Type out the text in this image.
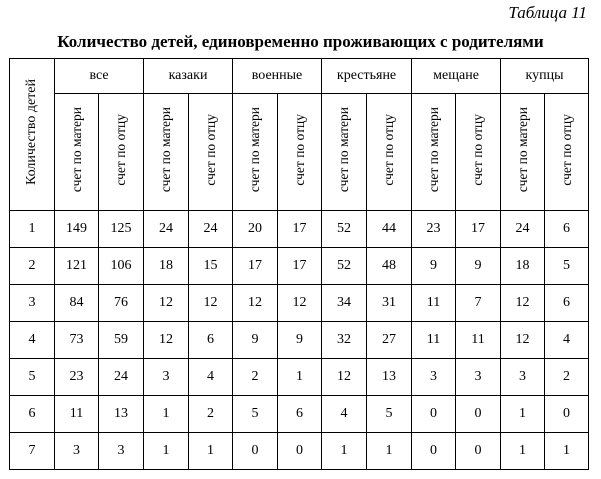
Таблица 11
Количество детей, единовременно проживающих с родителями
Количество детей	все		казаки		военные		крестьяне		мещане		купцы	
	счет по матери	счет по отцу	счет по матери	счет по отцу	счет по матери	счет по отцу	счет по матери	счет по отцу	счет по матери	счет по отцу	счет по матери	счет по отцу
1	149	125	24	24	20	17	52	44	23	17	24	6
2	121	106	18	15	17	17	52	48	9	9	18	5
3	84	76	12	12	12	12	34	31	11	7	12	6
4	73	59	12	6	9	9	32	27	11	11	12	4
5	23	24	3	4	2	1	12	13	3	3	3	2
6	11	13	1	2	5	6	4	5	0	0	1	0
7	3	3	1	1	0	0	1	1	0	0	1	1
